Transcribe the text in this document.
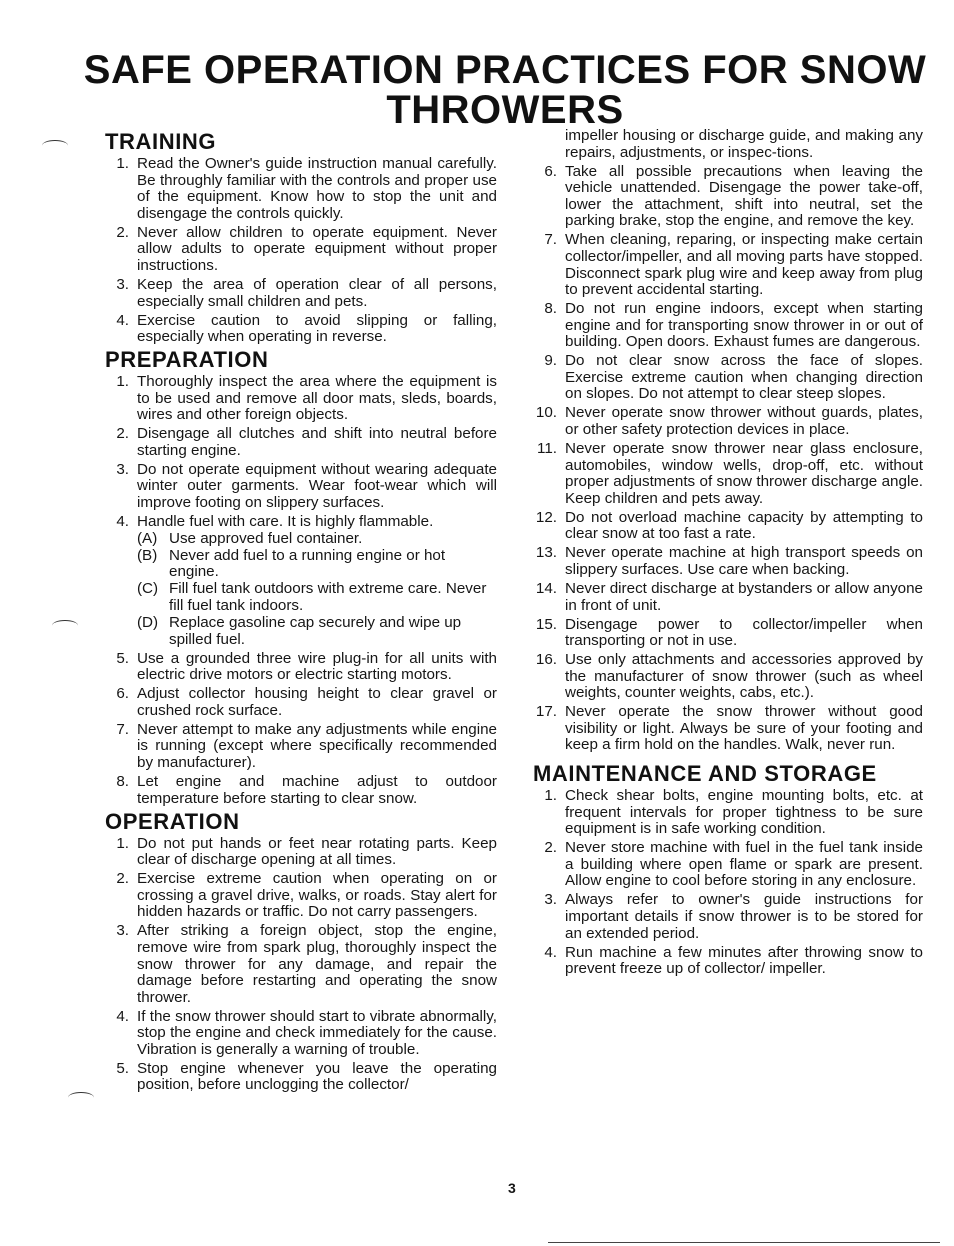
SAFE OPERATION PRACTICES FOR SNOW THROWERS
TRAINING
1. Read the Owner's guide instruction manual carefully. Be throughly familiar with the controls and proper use of the equipment. Know how to stop the unit and disengage the controls quickly.
2. Never allow children to operate equipment. Never allow adults to operate equipment without proper instructions.
3. Keep the area of operation clear of all persons, especially small children and pets.
4. Exercise caution to avoid slipping or falling, especially when operating in reverse.
PREPARATION
1. Thoroughly inspect the area where the equipment is to be used and remove all door mats, sleds, boards, wires and other foreign objects.
2. Disengage all clutches and shift into neutral before starting engine.
3. Do not operate equipment without wearing adequate winter outer garments. Wear foot-wear which will improve footing on slippery surfaces.
4. Handle fuel with care. It is highly flammable.
(A) Use approved fuel container.
(B) Never add fuel to a running engine or hot engine.
(C) Fill fuel tank outdoors with extreme care. Never fill fuel tank indoors.
(D) Replace gasoline cap securely and wipe up spilled fuel.
5. Use a grounded three wire plug-in for all units with electric drive motors or electric starting motors.
6. Adjust collector housing height to clear gravel or crushed rock surface.
7. Never attempt to make any adjustments while engine is running (except where specifically recommended by manufacturer).
8. Let engine and machine adjust to outdoor temperature before starting to clear snow.
OPERATION
1. Do not put hands or feet near rotating parts. Keep clear of discharge opening at all times.
2. Exercise extreme caution when operating on or crossing a gravel drive, walks, or roads. Stay alert for hidden hazards or traffic. Do not carry passengers.
3. After striking a foreign object, stop the engine, remove wire from spark plug, thoroughly inspect the snow thrower for any damage, and repair the damage before restarting and operating the snow thrower.
4. If the snow thrower should start to vibrate abnormally, stop the engine and check immediately for the cause. Vibration is generally a warning of trouble.
5. Stop engine whenever you leave the operating position, before unclogging the collector/
impeller housing or discharge guide, and making any repairs, adjustments, or inspec-tions.
6. Take all possible precautions when leaving the vehicle unattended. Disengage the power take-off, lower the attachment, shift into neutral, set the parking brake, stop the engine, and remove the key.
7. When cleaning, reparing, or inspecting make certain collector/impeller, and all moving parts have stopped. Disconnect spark plug wire and keep away from plug to prevent accidental starting.
8. Do not run engine indoors, except when starting engine and for transporting snow thrower in or out of building. Open doors. Exhaust fumes are dangerous.
9. Do not clear snow across the face of slopes. Exercise extreme caution when changing direction on slopes. Do not attempt to clear steep slopes.
10. Never operate snow thrower without guards, plates, or other safety protection devices in place.
11. Never operate snow thrower near glass enclosure, automobiles, window wells, drop-off, etc. without proper adjustments of snow thrower discharge angle. Keep children and pets away.
12. Do not overload machine capacity by attempting to clear snow at too fast a rate.
13. Never operate machine at high transport speeds on slippery surfaces. Use care when backing.
14. Never direct discharge at bystanders or allow anyone in front of unit.
15. Disengage power to collector/impeller when transporting or not in use.
16. Use only attachments and accessories approved by the manufacturer of snow thrower (such as wheel weights, counter weights, cabs, etc.).
17. Never operate the snow thrower without good visibility or light. Always be sure of your footing and keep a firm hold on the handles. Walk, never run.
MAINTENANCE AND STORAGE
1. Check shear bolts, engine mounting bolts, etc. at frequent intervals for proper tightness to be sure equipment is in safe working condition.
2. Never store machine with fuel in the fuel tank inside a building where open flame or spark are present. Allow engine to cool before storing in any enclosure.
3. Always refer to owner's guide instructions for important details if snow thrower is to be stored for an extended period.
4. Run machine a few minutes after throwing snow to prevent freeze up of collector/ impeller.
3
